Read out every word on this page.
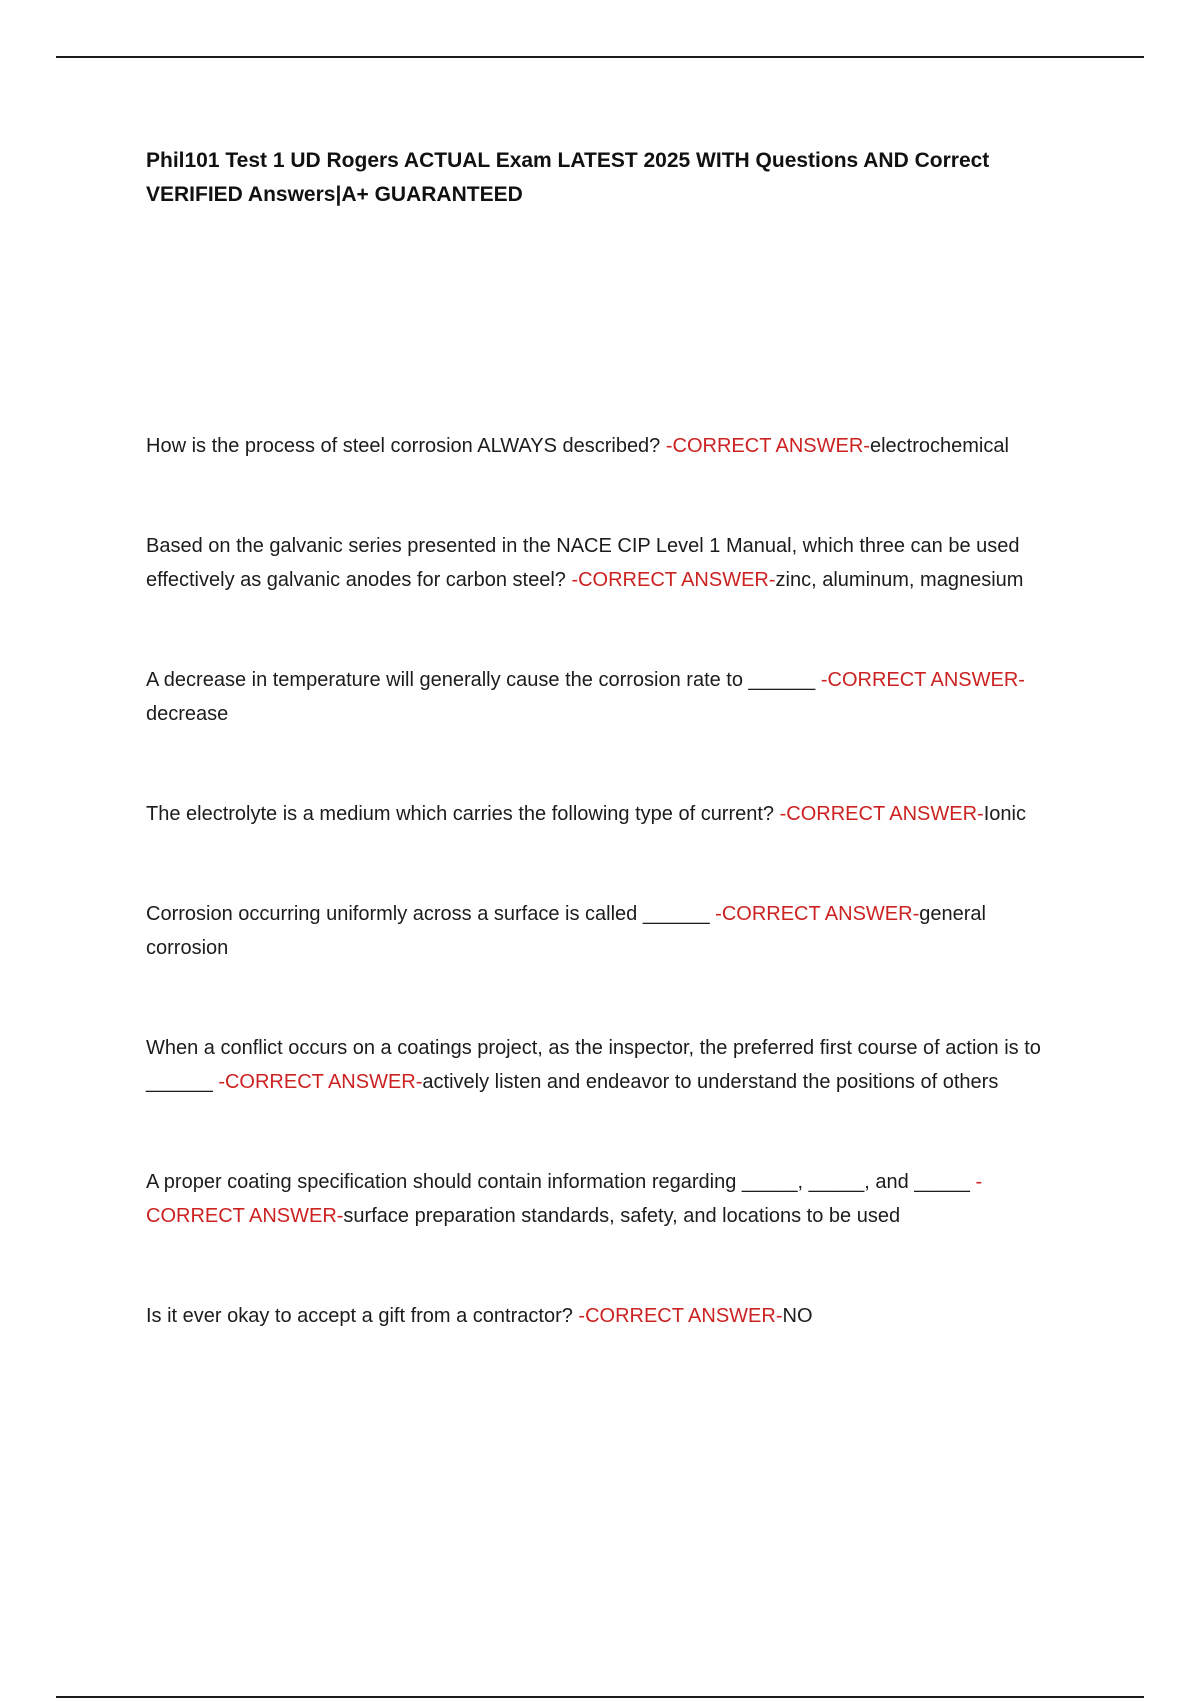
Phil101 Test 1 UD Rogers ACTUAL Exam LATEST 2025 WITH Questions AND Correct VERIFIED Answers|A+ GUARANTEED

How is the process of steel corrosion ALWAYS described? -CORRECT ANSWER-electrochemical

Based on the galvanic series presented in the NACE CIP Level 1 Manual, which three can be used effectively as galvanic anodes for carbon steel? -CORRECT ANSWER-zinc, aluminum, magnesium

A decrease in temperature will generally cause the corrosion rate to ______ -CORRECT ANSWER-decrease

The electrolyte is a medium which carries the following type of current? -CORRECT ANSWER-Ionic

Corrosion occurring uniformly across a surface is called ______ -CORRECT ANSWER-general corrosion

When a conflict occurs on a coatings project, as the inspector, the preferred first course of action is to ______ -CORRECT ANSWER-actively listen and endeavor to understand the positions of others

A proper coating specification should contain information regarding _____, _____, and _____ -CORRECT ANSWER-surface preparation standards, safety, and locations to be used

Is it ever okay to accept a gift from a contractor? -CORRECT ANSWER-NO
